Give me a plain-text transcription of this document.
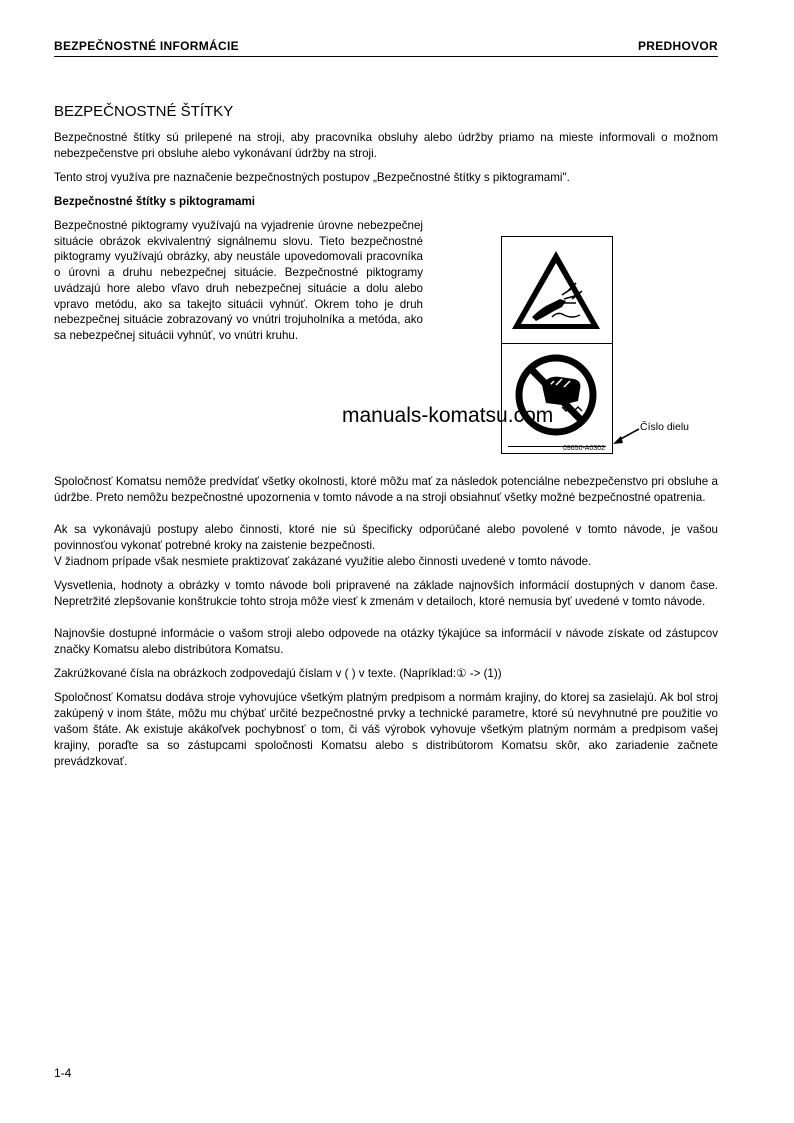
BEZPEČNOSTNÉ INFORMÁCIE	PREDHOVOR
BEZPEČNOSTNÉ ŠTÍTKY

Bezpečnostné štítky sú prilepené na stroji, aby pracovníka obsluhy alebo údržby priamo na mieste informovali o možnom nebezpečenstve pri obsluhe alebo vykonávaní údržby na stroji.

Tento stroj využíva pre naznačenie bezpečnostných postupov „Bezpečnostné štítky s piktogramami".

Bezpečnostné štítky s piktogramami

Bezpečnostné piktogramy využívajú na vyjadrenie úrovne nebezpečnej situácie obrázok ekvivalentný signálnemu slovu. Tieto bezpečnostné piktogramy využívajú obrázky, aby neustále upovedomovali pracovníka o úrovni a druhu nebezpečnej situácie. Bezpečnostné piktogramy uvádzajú hore alebo vľavo druh nebezpečnej situácie a dolu alebo vpravo metódu, ako sa takejto situácii vyhnúť. Okrem toho je druh nebezpečnej situácie zobrazovaný vo vnútri trojuholníka a metóda, ako sa nebezpečnej situácii vyhnúť, vo vnútri kruhu.

09650-A0302
Číslo dielu
manuals-komatsu.com

Spoločnosť Komatsu nemôže predvídať všetky okolnosti, ktoré môžu mať za následok potenciálne nebezpečenstvo pri obsluhe a údržbe. Preto nemôžu bezpečnostné upozornenia v tomto návode a na stroji obsiahnuť všetky možné bezpečnostné opatrenia.

Ak sa vykonávajú postupy alebo činnosti, ktoré nie sú špecificky odporúčané alebo povolené v tomto návode, je vašou povinnosťou vykonať potrebné kroky na zaistenie bezpečnosti.

V žiadnom prípade však nesmiete praktizovať zakázané využitie alebo činnosti uvedené v tomto návode.

Vysvetlenia, hodnoty a obrázky v tomto návode boli pripravené na základe najnovších informácií dostupných v danom čase. Nepretržité zlepšovanie konštrukcie tohto stroja môže viesť k zmenám v detailoch, ktoré nemusia byť uvedené v tomto návode.

Najnovšie dostupné informácie o vašom stroji alebo odpovede na otázky týkajúce sa informácií v návode získate od zástupcov značky Komatsu alebo distribútora Komatsu.

Zakrúžkované čísla na obrázkoch zodpovedajú číslam v ( ) v texte. (Napríklad:① -> (1))

Spoločnosť Komatsu dodáva stroje vyhovujúce všetkým platným predpisom a normám krajiny, do ktorej sa zasielajú. Ak bol stroj zakúpený v inom štáte, môžu mu chýbať určité bezpečnostné prvky a technické parametre, ktoré sú nevyhnutné pre použitie vo vašom štáte. Ak existuje akákoľvek pochybnosť o tom, či váš výrobok vyhovuje všetkým platným normám a predpisom vašej krajiny, poraďte sa so zástupcami spoločnosti Komatsu alebo s distribútorom Komatsu skôr, ako zariadenie začnete prevádzkovať.

1-4
